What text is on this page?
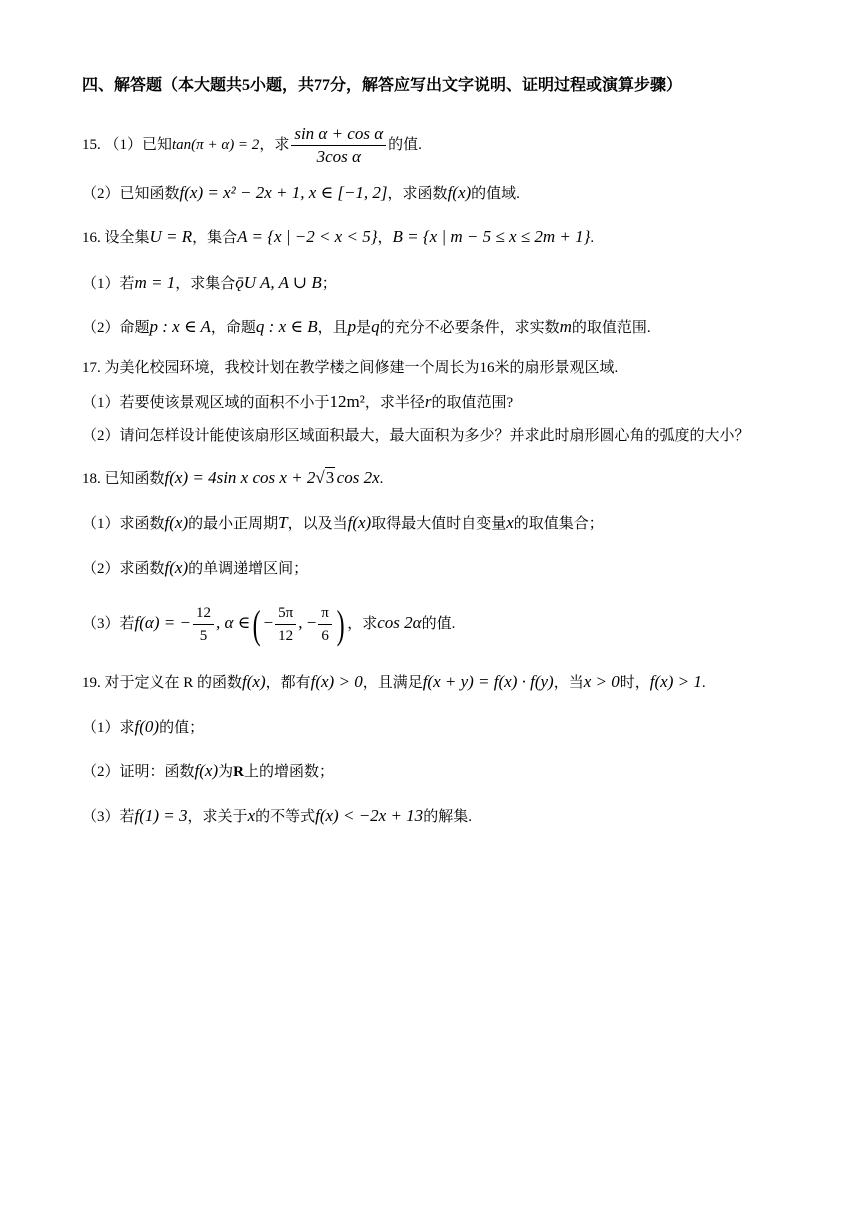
四、解答题（本大题共5小题，共77分，解答应写出文字说明、证明过程或演算步骤）
15. （1）已知tan(π + α) = 2，求 $\frac{\text{sin α + cos α}}{\text{3cos α}}$ 的值.
（2）已知函数f(x) = x² − 2x + 1, x ∈ [−1, 2]，求函数f(x)的值域.
16. 设全集U = R，集合A = {x | −2 < x < 5}，B = {x | m − 5 ≤ x ≤ 2m + 1}.
（1）若m = 1，求集合ǭU A, A ∪ B；
（2）命题p : x ∈ A，命题q : x ∈ B，且p是q的充分不必要条件，求实数m的取值范围.
17. 为美化校园环境，我校计划在教学楼之间修建一个周长为16米的扇形景观区域.
（1）若要使该景观区域的面积不小于12m²，求半径r的取值范围?
（2）请问怎样设计能使该扇形区域面积最大，最大面积为多少？并求此时扇形圆心角的弧度的大小？
18. 已知函数f(x) = 4sin x cos x + 2√3  cos 2x.
（1）求函数f(x)的最小正周期T，以及当f(x)取得最大值时自变量x的取值集合；
（2）求函数f(x)的单调递增区间；
（3）若f(α) = − $\frac{12}{5}$ , α ∈( − $\frac{5\pi}{12}$ , − $\frac{\pi}{6}$ ) ，求cos 2α的值.
19. 对于定义在 R 的函数f(x)，都有f(x) > 0，且满足f(x + y) = f(x) · f(y)，当x > 0时，f(x) > 1.
（1）求f(0)的值；
（2）证明：函数f(x)为R上的增函数；
（3）若f(1) = 3，求关于x的不等式f(x) < −2x + 13的解集.
